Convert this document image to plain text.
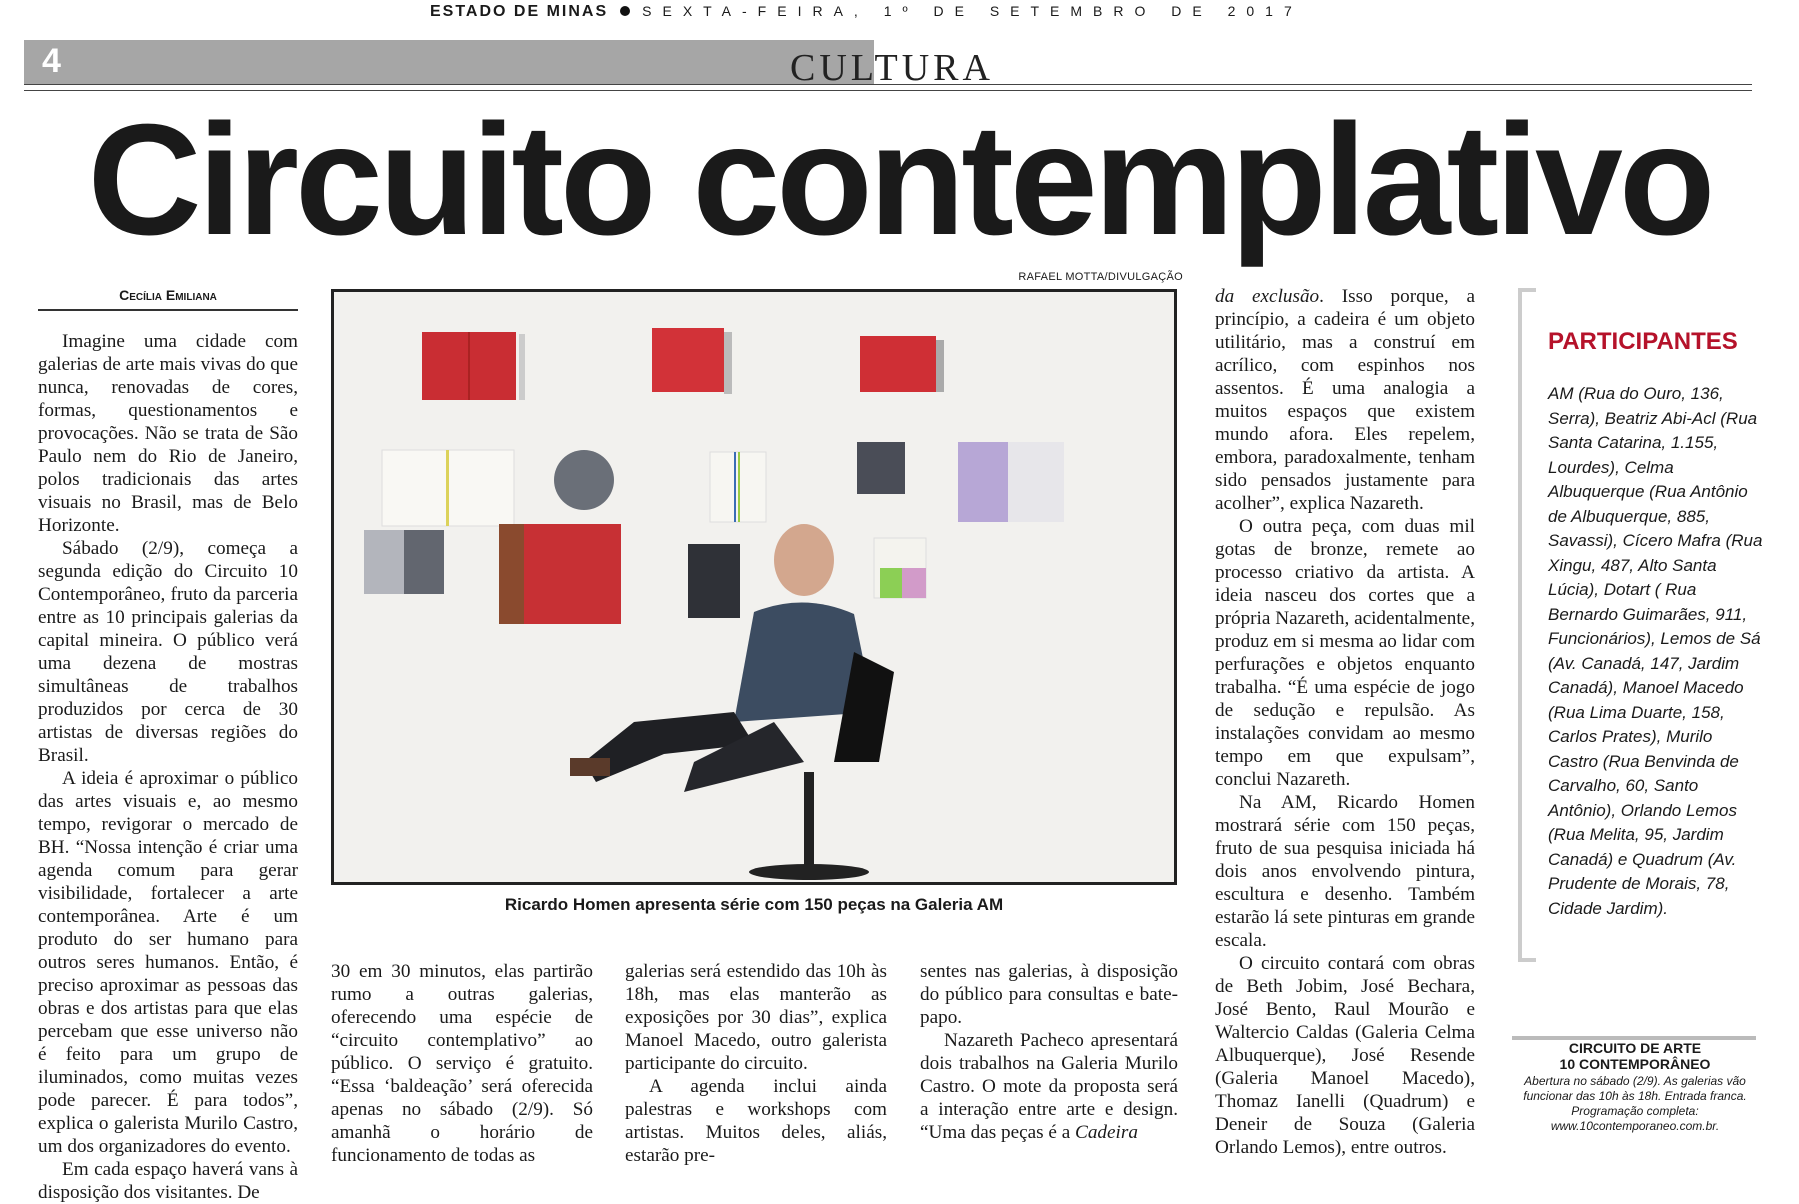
ESTADO DE MINAS SEXTA-FEIRA, 1º DE SETEMBRO DE 2017
4	CULTURA
Circuito contemplativo
Cecília Emiliana

Imagine uma cidade com galerias de arte mais vivas do que nunca, renovadas de cores, formas, questionamentos e provocações. Não se trata de São Paulo nem do Rio de Janeiro, polos tradicionais das artes visuais no Brasil, mas de Belo Horizonte.

Sábado (2/9), começa a segunda edição do Circuito 10 Contemporâneo, fruto da parceria entre as 10 principais galerias da capital mineira. O público verá uma dezena de mostras simultâneas de trabalhos produzidos por cerca de 30 artistas de diversas regiões do Brasil.

A ideia é aproximar o público das artes visuais e, ao mesmo tempo, revigorar o mercado de BH. “Nossa intenção é criar uma agenda comum para gerar visibilidade, fortalecer a arte contemporânea. Arte é um produto do ser humano para outros seres humanos. Então, é preciso aproximar as pessoas das obras e dos artistas para que elas percebam que esse universo não é feito para um grupo de iluminados, como muitas vezes pode parecer. É para todos”, explica o galerista Murilo Castro, um dos organizadores do evento.

Em cada espaço haverá vans à disposição dos visitantes. De

RAFAEL MOTTA/DIVULGAÇÃO
Ricardo Homen apresenta série com 150 peças na Galeria AM

30 em 30 minutos, elas partirão rumo a outras galerias, oferecendo uma espécie de “circuito contemplativo” ao público. O serviço é gratuito. “Essa ‘baldeação’ será oferecida apenas no sábado (2/9). Só amanhã o horário de funcionamento de todas as

galerias será estendido das 10h às 18h, mas elas manterão as exposições por 30 dias”, explica Manoel Macedo, outro galerista participante do circuito.

A agenda inclui ainda palestras e workshops com artistas. Muitos deles, aliás, estarão pre-

sentes nas galerias, à disposição do público para consultas e bate-papo.

Nazareth Pacheco apresentará dois trabalhos na Galeria Murilo Castro. O mote da proposta será a interação entre arte e design. “Uma das peças é a Cadeira

da exclusão. Isso porque, a princípio, a cadeira é um objeto utilitário, mas a construí em acrílico, com espinhos nos assentos. É uma analogia a muitos espaços que existem mundo afora. Eles repelem, embora, paradoxalmente, tenham sido pensados justamente para acolher”, explica Nazareth.

O outra peça, com duas mil gotas de bronze, remete ao processo criativo da artista. A ideia nasceu dos cortes que a própria Nazareth, acidentalmente, produz em si mesma ao lidar com perfurações e objetos enquanto trabalha. “É uma espécie de jogo de sedução e repulsão. As instalações convidam ao mesmo tempo em que expulsam”, conclui Nazareth.

Na AM, Ricardo Homen mostrará série com 150 peças, fruto de sua pesquisa iniciada há dois anos envolvendo pintura, escultura e desenho. Também estarão lá sete pinturas em grande escala.

O circuito contará com obras de Beth Jobim, José Bechara, José Bento, Raul Mourão e Waltercio Caldas (Galeria Celma Albuquerque), José Resende (Galeria Manoel Macedo), Thomaz Ianelli (Quadrum) e Deneir de Souza (Galeria Orlando Lemos), entre outros.

PARTICIPANTES
AM (Rua do Ouro, 136, Serra), Beatriz Abi-Acl (Rua Santa Catarina, 1.155, Lourdes), Celma Albuquerque (Rua Antônio de Albuquerque, 885, Savassi), Cícero Mafra (Rua Xingu, 487, Alto Santa Lúcia), Dotart ( Rua Bernardo Guimarães, 911, Funcionários), Lemos de Sá (Av. Canadá, 147, Jardim Canadá), Manoel Macedo (Rua Lima Duarte, 158, Carlos Prates), Murilo Castro (Rua Benvinda de Carvalho, 60, Santo Antônio), Orlando Lemos (Rua Melita, 95, Jardim Canadá) e Quadrum (Av. Prudente de Morais, 78, Cidade Jardim).
CIRCUITO DE ARTE
10 CONTEMPORÂNEO
Abertura no sábado (2/9). As galerias vão funcionar das 10h às 18h. Entrada franca. Programação completa: www.10contemporaneo.com.br.
